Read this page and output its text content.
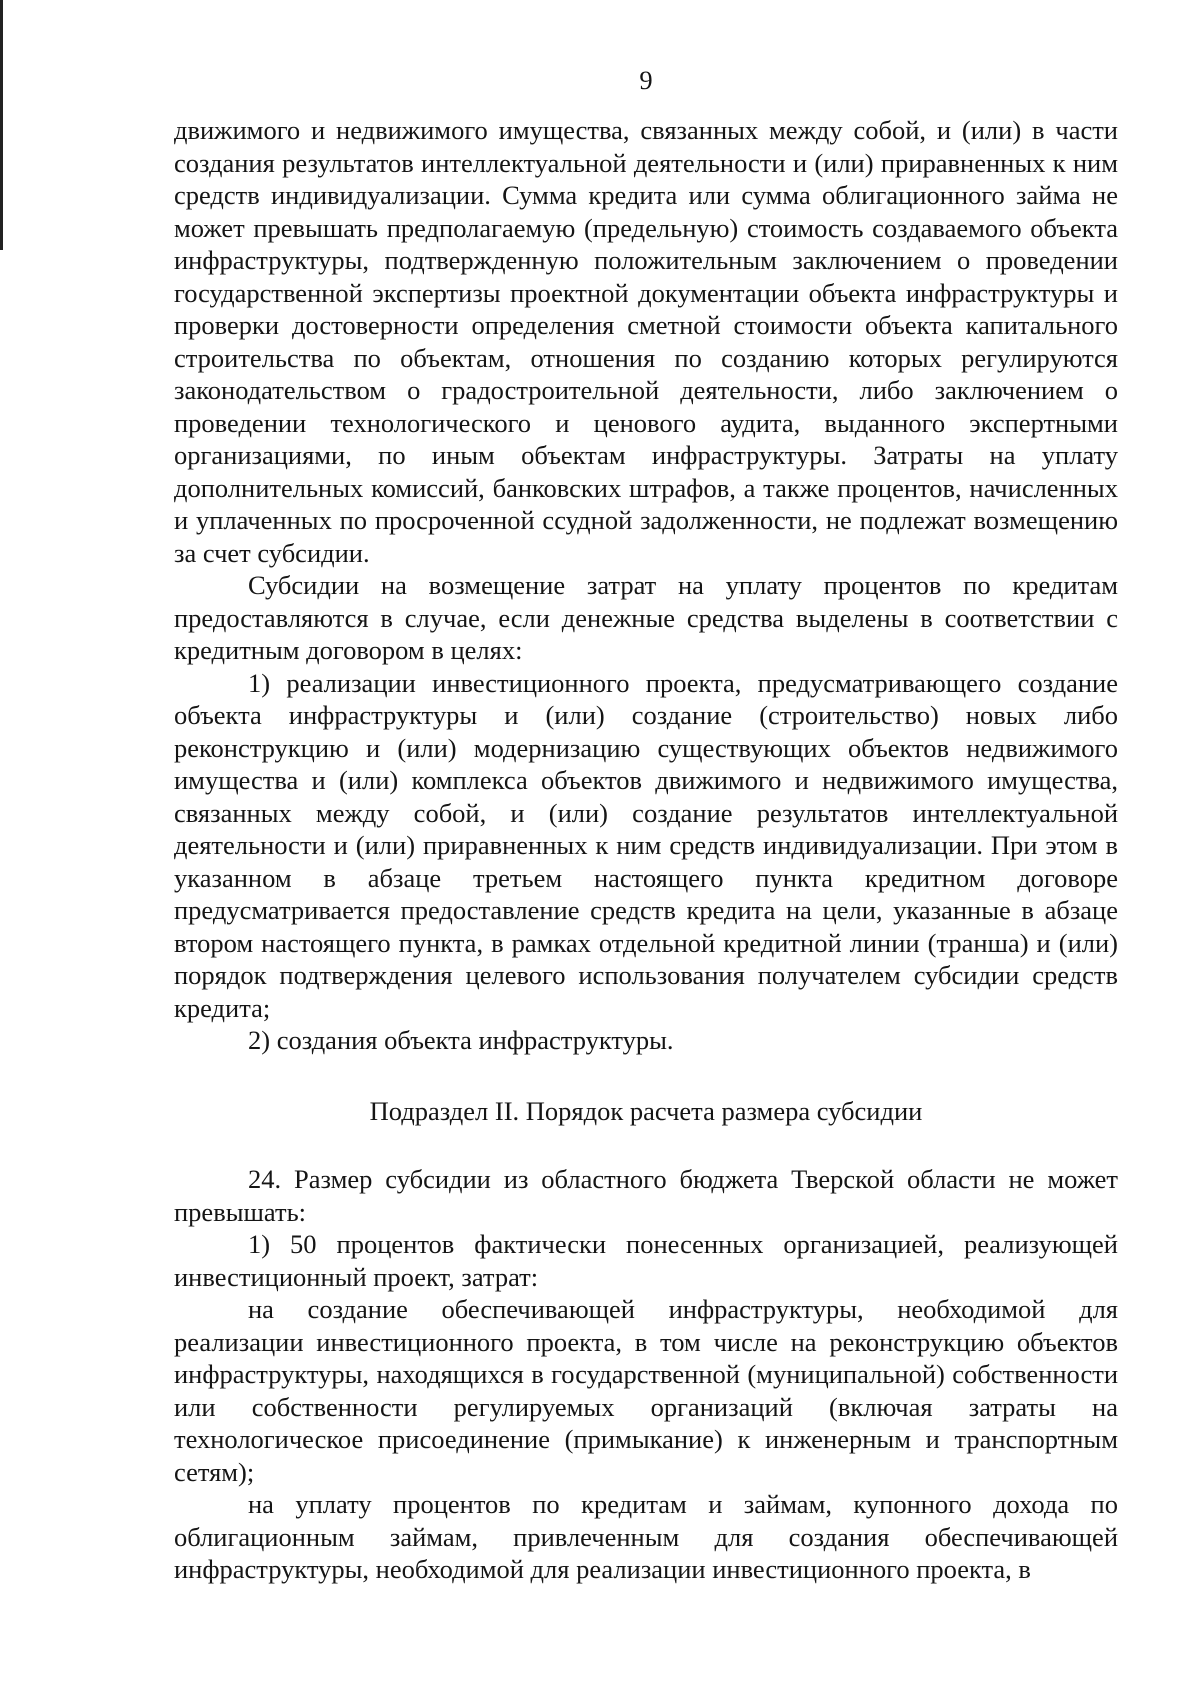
9

движимого и недвижимого имущества, связанных между собой, и (или) в части создания результатов интеллектуальной деятельности и (или) приравненных к ним средств индивидуализации. Сумма кредита или сумма облигационного займа не может превышать предполагаемую (предельную) стоимость создаваемого объекта инфраструктуры, подтвержденную положительным заключением о проведении государственной экспертизы проектной документации объекта инфраструктуры и проверки достоверности определения сметной стоимости объекта капитального строительства по объектам, отношения по созданию которых регулируются законодательством о градостроительной деятельности, либо заключением о проведении технологического и ценового аудита, выданного экспертными организациями, по иным объектам инфраструктуры. Затраты на уплату дополнительных комиссий, банковских штрафов, а также процентов, начисленных и уплаченных по просроченной ссудной задолженности, не подлежат возмещению за счет субсидии.

Субсидии на возмещение затрат на уплату процентов по кредитам предоставляются в случае, если денежные средства выделены в соответствии с кредитным договором в целях:

1) реализации инвестиционного проекта, предусматривающего создание объекта инфраструктуры и (или) создание (строительство) новых либо реконструкцию и (или) модернизацию существующих объектов недвижимого имущества и (или) комплекса объектов движимого и недвижимого имущества, связанных между собой, и (или) создание результатов интеллектуальной деятельности и (или) приравненных к ним средств индивидуализации. При этом в указанном в абзаце третьем настоящего пункта кредитном договоре предусматривается предоставление средств кредита на цели, указанные в абзаце втором настоящего пункта, в рамках отдельной кредитной линии (транша) и (или) порядок подтверждения целевого использования получателем субсидии средств кредита;

2) создания объекта инфраструктуры.

Подраздел II. Порядок расчета размера субсидии

24. Размер субсидии из областного бюджета Тверской области не может превышать:

1) 50 процентов фактически понесенных организацией, реализующей инвестиционный проект, затрат:

на создание обеспечивающей инфраструктуры, необходимой для реализации инвестиционного проекта, в том числе на реконструкцию объектов инфраструктуры, находящихся в государственной (муниципальной) собственности или собственности регулируемых организаций (включая затраты на технологическое присоединение (примыкание) к инженерным и транспортным сетям);

на уплату процентов по кредитам и займам, купонного дохода по облигационным займам, привлеченным для создания обеспечивающей инфраструктуры, необходимой для реализации инвестиционного проекта, в
